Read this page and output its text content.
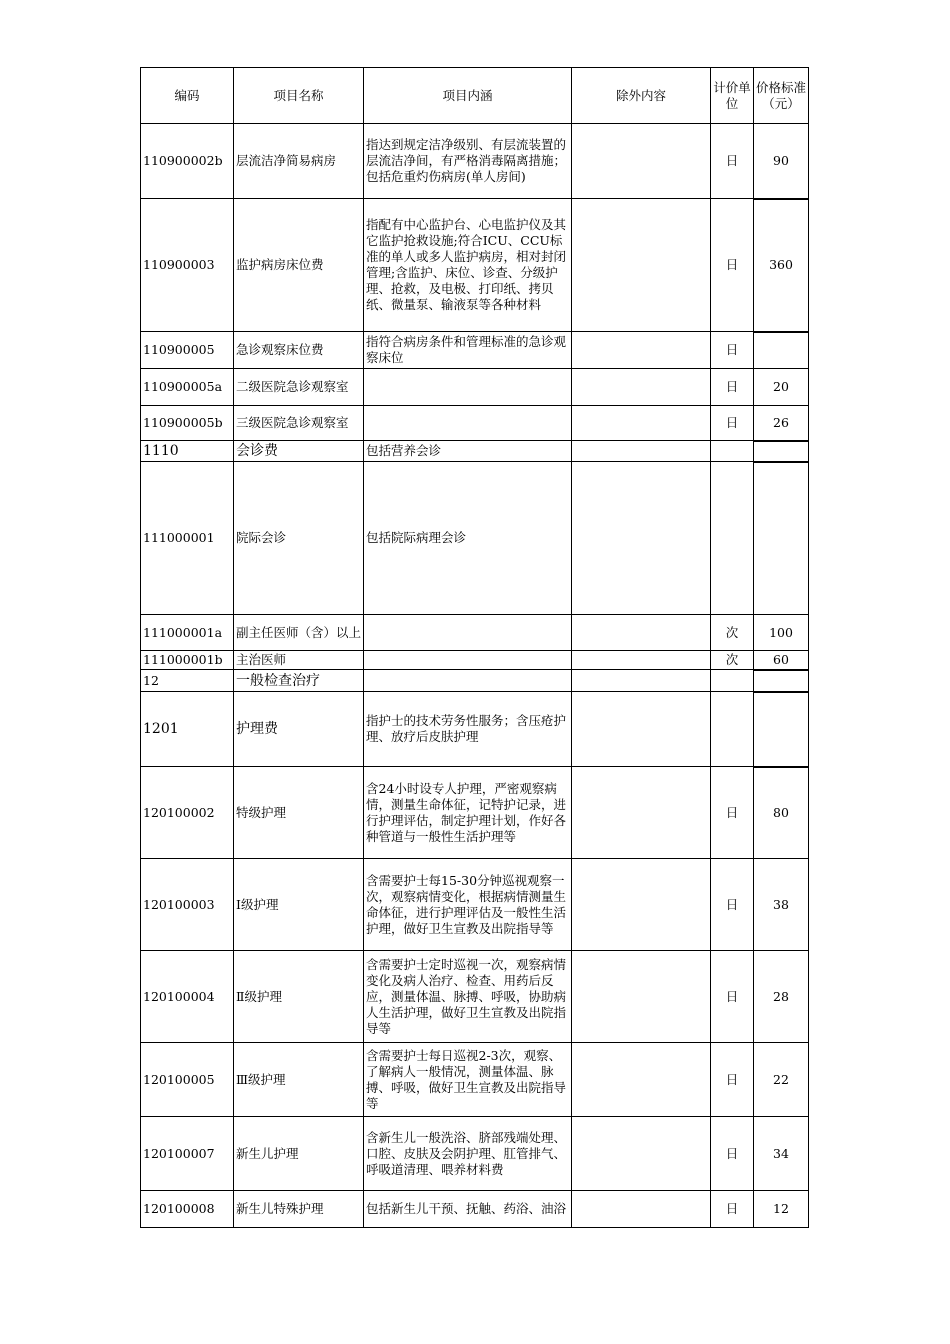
编码	项目名称	项目内涵	除外内容	计价单位	价格标准（元）
110900002b	层流洁净简易病房	指达到规定洁净级别、有层流装置的层流洁净间，有严格消毒隔离措施；包括危重灼伤病房(单人房间)		日	90
110900003	监护病房床位费	指配有中心监护台、心电监护仪及其它监护抢救设施;符合ICU、CCU标准的单人或多人监护病房，相对封闭管理;含监护、床位、诊查、分级护理、抢救，及电极、打印纸、拷贝纸、微量泵、输液泵等各种材料		日	360
110900005	急诊观察床位费	指符合病房条件和管理标准的急诊观察床位		日	
110900005a	二级医院急诊观察室			日	20
110900005b	三级医院急诊观察室			日	26
1110	会诊费	包括营养会诊			
111000001	院际会诊	包括院际病理会诊			
111000001a	副主任医师（含）以上			次	100
111000001b	主治医师			次	60
12	一般检查治疗				
1201	护理费	指护士的技术劳务性服务；含压疮护理、放疗后皮肤护理			
120100002	特级护理	含24小时设专人护理，严密观察病情，测量生命体征，记特护记录，进行护理评估，制定护理计划，作好各种管道与一般性生活护理等		日	80
120100003	Ⅰ级护理	含需要护士每15-30分钟巡视观察一次，观察病情变化，根据病情测量生命体征，进行护理评估及一般性生活护理，做好卫生宣教及出院指导等		日	38
120100004	Ⅱ级护理	含需要护士定时巡视一次，观察病情变化及病人治疗、检查、用药后反应，测量体温、脉搏、呼吸，协助病人生活护理，做好卫生宣教及出院指导等		日	28
120100005	Ⅲ级护理	含需要护士每日巡视2-3次，观察、了解病人一般情况，测量体温、脉搏、呼吸，做好卫生宣教及出院指导等		日	22
120100007	新生儿护理	含新生儿一般洗浴、脐部残端处理、口腔、皮肤及会阴护理、肛管排气、呼吸道清理、喂养材料费		日	34
120100008	新生儿特殊护理	包括新生儿干预、抚触、药浴、油浴		日	12
